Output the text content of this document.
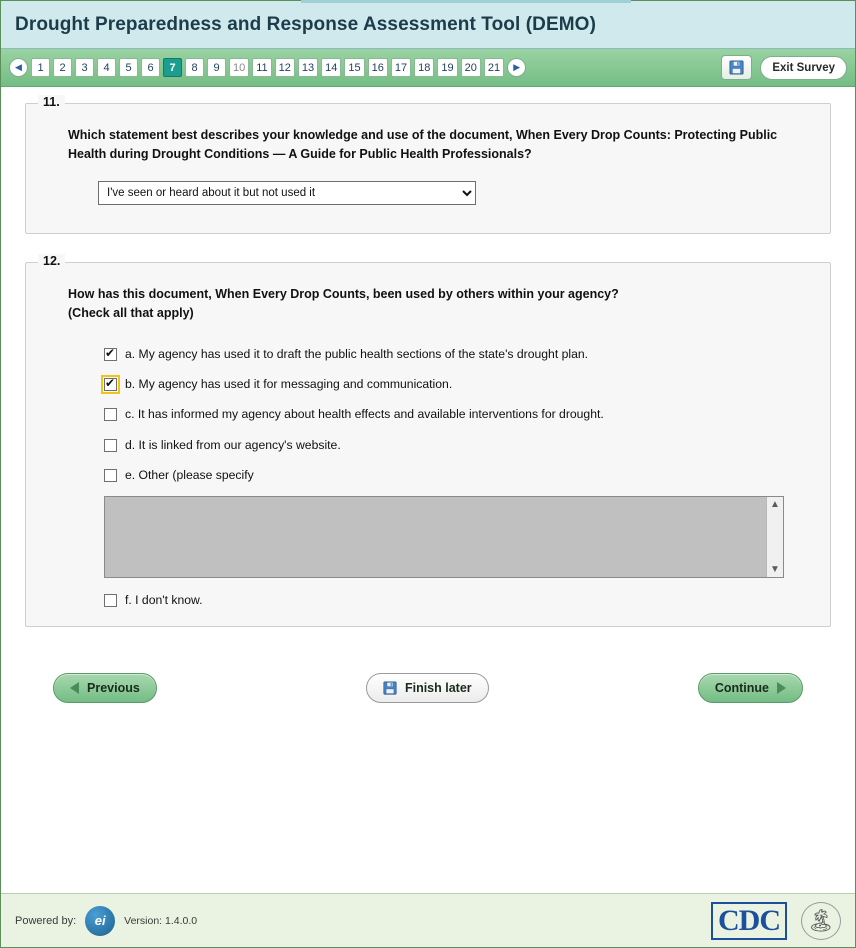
Drought Preparedness and Response Assessment Tool (DEMO)
◀	1	2	3	4	5	6	7	8	9	10	11	12	13	14	15	16	17	18	19	20	21	▶	Exit Survey
11.
Which statement best describes your knowledge and use of the document, When Every Drop Counts: Protecting Public Health during Drought Conditions — A Guide for Public Health Professionals?
I've seen or heard about it but not used it
12.
How has this document, When Every Drop Counts, been used by others within your agency?
(Check all that apply)
✔
a. My agency has used it to draft the public health sections of the state's drought plan.
✔
b. My agency has used it for messaging and communication.
c. It has informed my agency about health effects and available interventions for drought.
d. It is linked from our agency's website.
e. Other (please specify
▲
▼
f. I don't know.
Previous	Finish later	Continue
Powered by:	ei	Version: 1.4.0.0	CDC	🏝
